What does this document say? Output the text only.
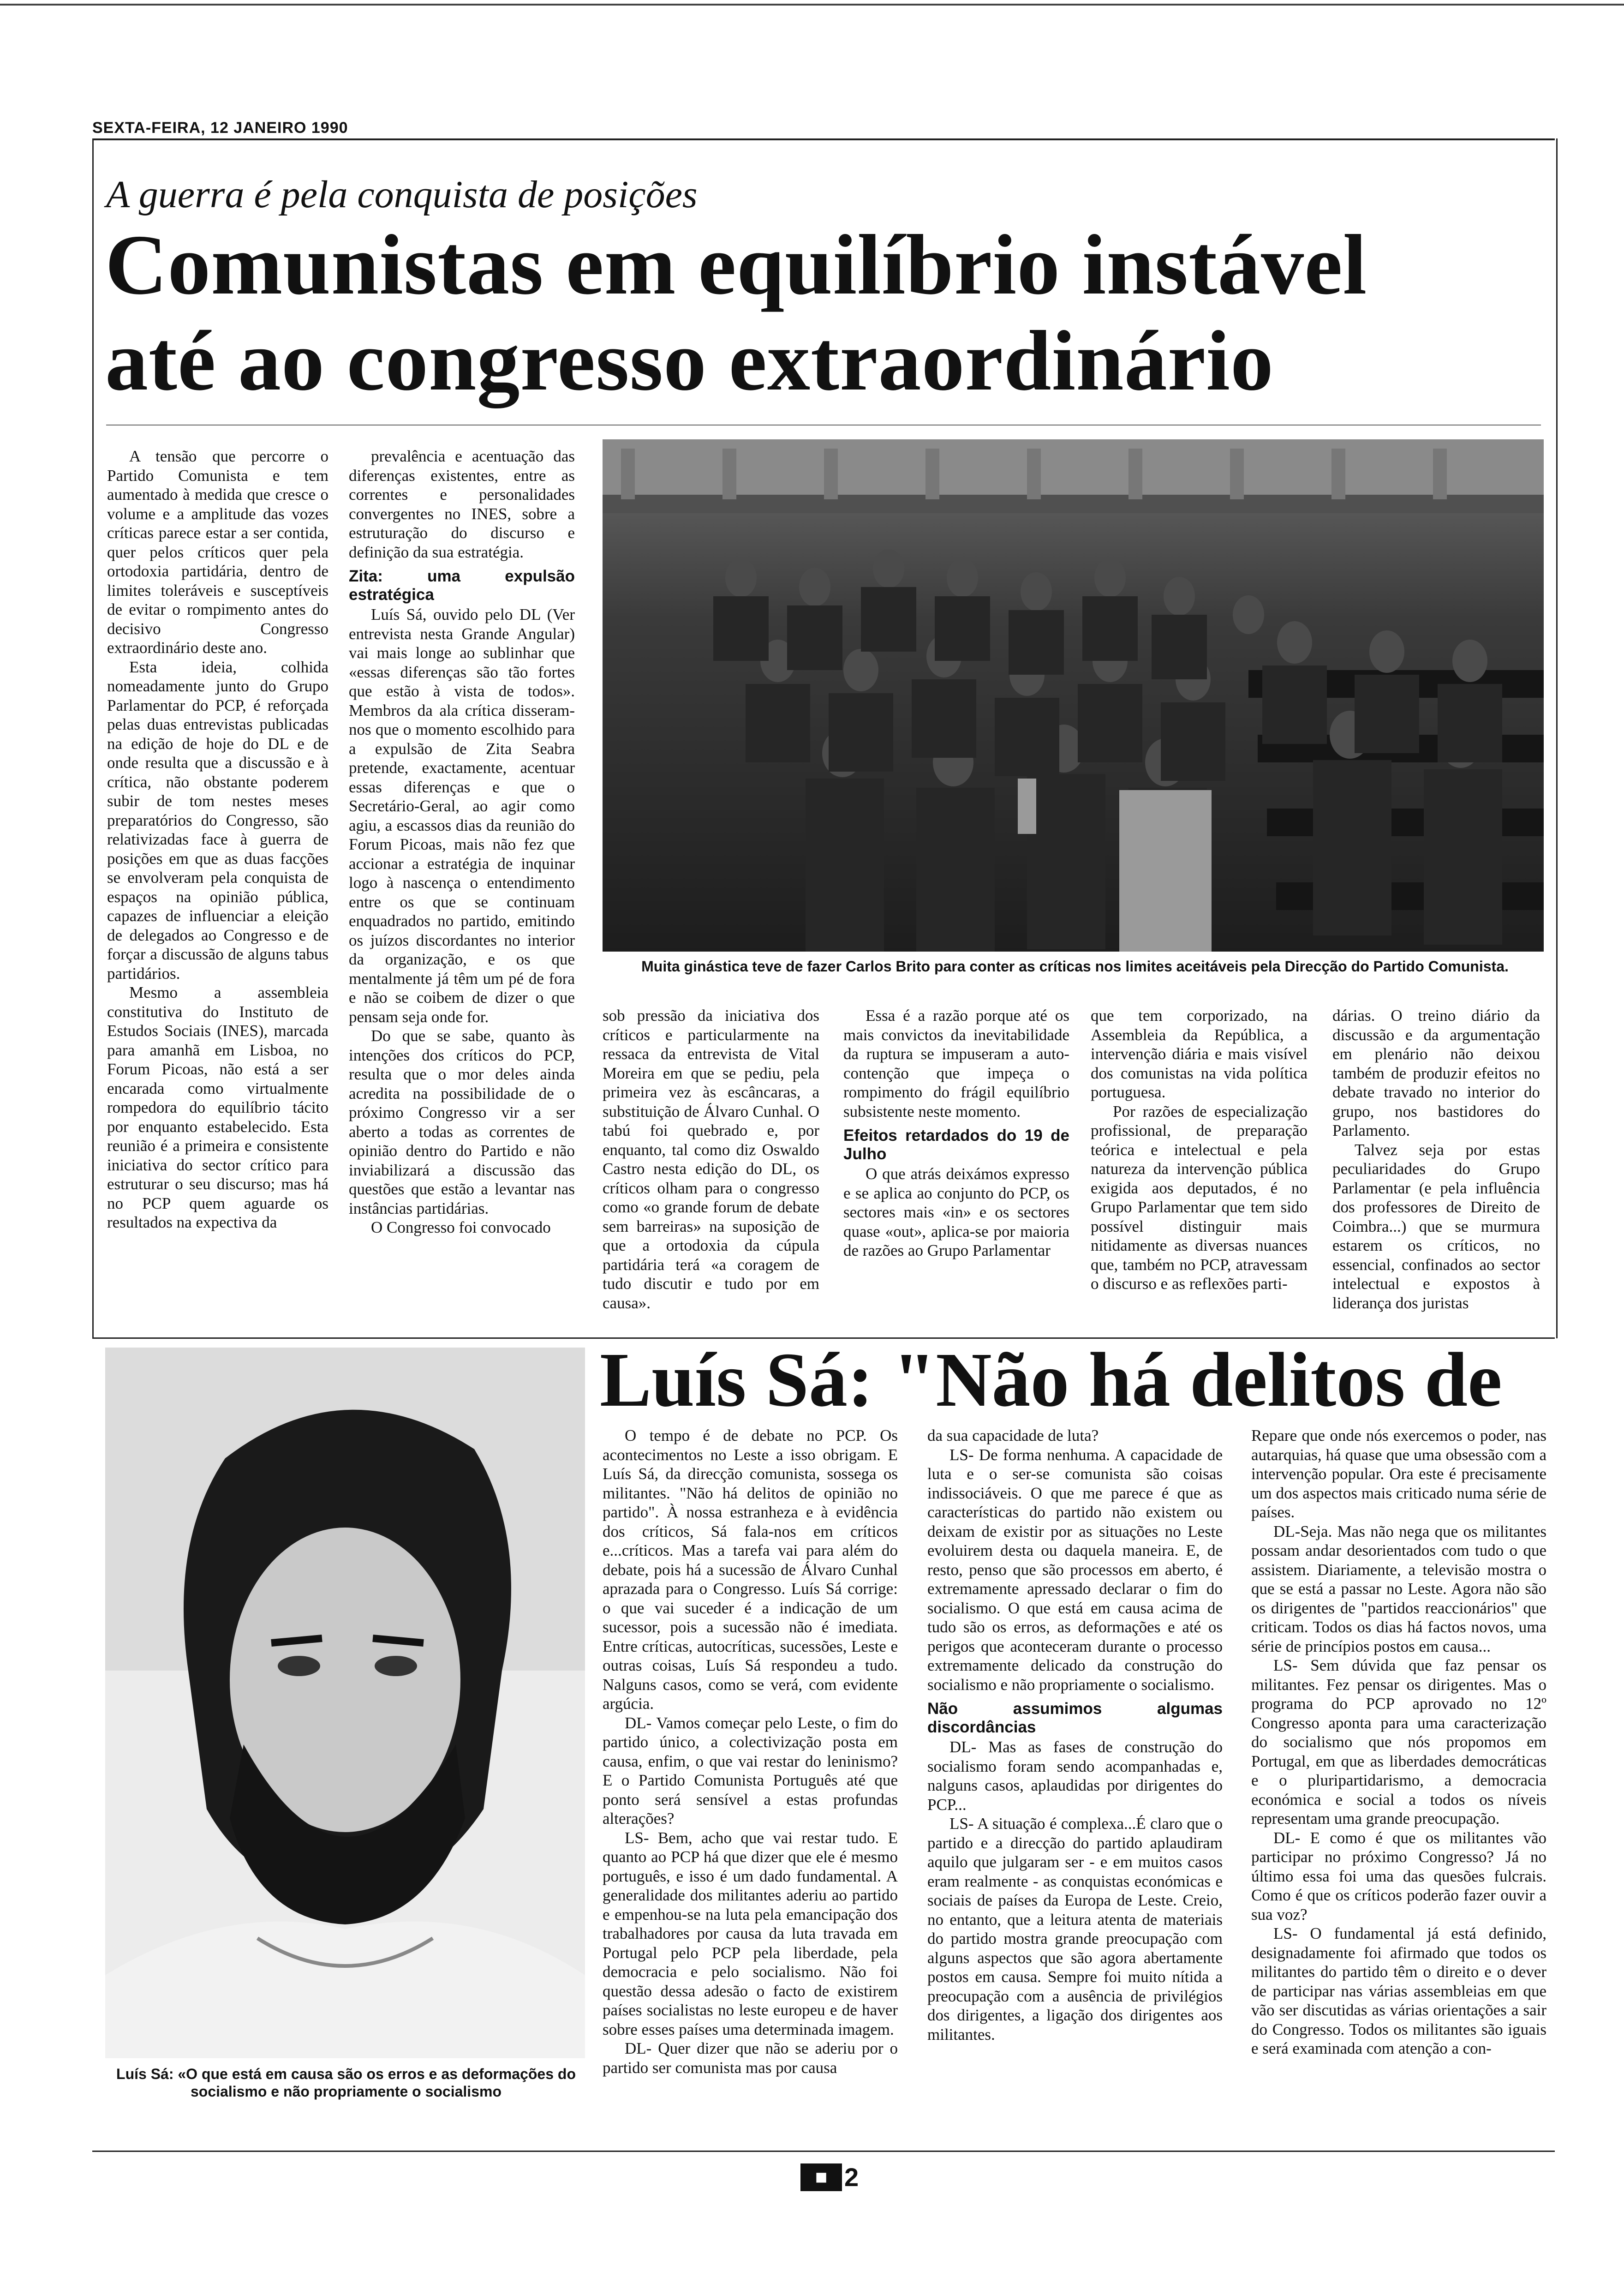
SEXTA-FEIRA, 12 JANEIRO 1990
A guerra é pela conquista de posições
Comunistas em equilíbrio instável
até ao congresso extraordinário

A tensão que percorre o Partido Comunista e tem aumentado à medida que cresce o volume e a amplitude das vozes críticas parece estar a ser contida, quer pelos críticos quer pela ortodoxia partidária, dentro de limites toleráveis e susceptíveis de evitar o rompimento antes do decisivo Congresso extraordinário deste ano.

Esta ideia, colhida nomeadamente junto do Grupo Parlamentar do PCP, é reforçada pelas duas entrevistas publicadas na edição de hoje do DL e de onde resulta que a discussão e à crítica, não obstante poderem subir de tom nestes meses preparatórios do Congresso, são relativizadas face à guerra de posições em que as duas facções se envolveram pela conquista de espaços na opinião pública, capazes de influenciar a eleição de delegados ao Congresso e de forçar a discussão de alguns tabus partidários.

Mesmo a assembleia constitutiva do Instituto de Estudos Sociais (INES), marcada para amanhã em Lisboa, no Forum Picoas, não está a ser encarada como virtualmente rompedora do equilíbrio tácito por enquanto estabelecido. Esta reunião é a primeira e consistente iniciativa do sector crítico para estruturar o seu discurso; mas há no PCP quem aguarde os resultados na expectiva da

prevalência e acentuação das diferenças existentes, entre as correntes e personalidades convergentes no INES, sobre a estruturação do discurso e definição da sua estratégia.

Zita: uma expulsão estratégica

Luís Sá, ouvido pelo DL (Ver entrevista nesta Grande Angular) vai mais longe ao sublinhar que «essas diferenças são tão fortes que estão à vista de todos». Membros da ala crítica disseram-nos que o momento escolhido para a expulsão de Zita Seabra pretende, exactamente, acentuar essas diferenças e que o Secretário-Geral, ao agir como agiu, a escassos dias da reunião do Forum Picoas, mais não fez que accionar a estratégia de inquinar logo à nascença o entendimento entre os que se continuam enquadrados no partido, emitindo os juízos discordantes no interior da organização, e os que mentalmente já têm um pé de fora e não se coibem de dizer o que pensam seja onde for.

Do que se sabe, quanto às intenções dos críticos do PCP, resulta que o mor deles ainda acredita na possibilidade de o próximo Congresso vir a ser aberto a todas as correntes de opinião dentro do Partido e não inviabilizará a discussão das questões que estão a levantar nas instâncias partidárias.

O Congresso foi convocado

Muita ginástica teve de fazer Carlos Brito para conter as críticas nos limites aceitáveis pela Direcção do Partido Comunista.

sob pressão da iniciativa dos críticos e particularmente na ressaca da entrevista de Vital Moreira em que se pediu, pela primeira vez às escâncaras, a substituição de Álvaro Cunhal. O tabú foi quebrado e, por enquanto, tal como diz Oswaldo Castro nesta edição do DL, os críticos olham para o congresso como «o grande forum de debate sem barreiras» na suposição de que a ortodoxia da cúpula partidária terá «a coragem de tudo discutir e tudo por em causa».

Essa é a razão porque até os mais convictos da inevitabilidade da ruptura se impuseram a auto-contenção que impeça o rompimento do frágil equilíbrio subsistente neste momento.

Efeitos retardados do 19 de Julho

O que atrás deixámos expresso e se aplica ao conjunto do PCP, os sectores mais «in» e os sectores quase «out», aplica-se por maioria de razões ao Grupo Parlamentar

que tem corporizado, na Assembleia da República, a intervenção diária e mais visível dos comunistas na vida política portuguesa.

Por razões de especialização profissional, de preparação teórica e intelectual e pela natureza da intervenção pública exigida aos deputados, é no Grupo Parlamentar que tem sido possível distinguir mais nitidamente as diversas nuances que, também no PCP, atravessam o discurso e as reflexões parti-

dárias. O treino diário da discussão e da argumentação em plenário não deixou também de produzir efeitos no debate travado no interior do grupo, nos bastidores do Parlamento.

Talvez seja por estas peculiaridades do Grupo Parlamentar (e pela influência dos professores de Direito de Coimbra...) que se murmura estarem os críticos, no essencial, confinados ao sector intelectual e expostos à liderança dos juristas

Luís Sá: «O que está em causa são os erros e as deformações do socialismo e não propriamente o socialismo
Luís Sá: "Não há delitos de

O tempo é de debate no PCP. Os acontecimentos no Leste a isso obrigam. E Luís Sá, da direcção comunista, sossega os militantes. "Não há delitos de opinião no partido". À nossa estranheza e à evidência dos críticos, Sá fala-nos em críticos e...críticos. Mas a tarefa vai para além do debate, pois há a sucessão de Álvaro Cunhal aprazada para o Congresso. Luís Sá corrige: o que vai suceder é a indicação de um sucessor, pois a sucessão não é imediata. Entre críticas, autocríticas, sucessões, Leste e outras coisas, Luís Sá respondeu a tudo. Nalguns casos, como se verá, com evidente argúcia.

DL- Vamos começar pelo Leste, o fim do partido único, a colectivização posta em causa, enfim, o que vai restar do leninismo? E o Partido Comunista Português até que ponto será sensível a estas profundas alterações?

LS- Bem, acho que vai restar tudo. E quanto ao PCP há que dizer que ele é mesmo português, e isso é um dado fundamental. A generalidade dos militantes aderiu ao partido e empenhou-se na luta pela emancipação dos trabalhadores por causa da luta travada em Portugal pelo PCP pela liberdade, pela democracia e pelo socialismo. Não foi questão dessa adesão o facto de existirem países socialistas no leste europeu e de haver sobre esses países uma determinada imagem.

DL- Quer dizer que não se aderiu por o partido ser comunista mas por causa

da sua capacidade de luta?

LS- De forma nenhuma. A capacidade de luta e o ser-se comunista são coisas indissociáveis. O que me parece é que as características do partido não existem ou deixam de existir por as situações no Leste evoluirem desta ou daquela maneira. E, de resto, penso que são processos em aberto, é extremamente apressado declarar o fim do socialismo. O que está em causa acima de tudo são os erros, as deformações e até os perigos que aconteceram durante o processo extremamente delicado da construção do socialismo e não propriamente o socialismo.

Não assumimos algumas discordâncias

DL- Mas as fases de construção do socialismo foram sendo acompanhadas e, nalguns casos, aplaudidas por dirigentes do PCP...

LS- A situação é complexa...É claro que o partido e a direcção do partido aplaudiram aquilo que julgaram ser - e em muitos casos eram realmente - as conquistas económicas e sociais de países da Europa de Leste. Creio, no entanto, que a leitura atenta de materiais do partido mostra grande preocupação com alguns aspectos que são agora abertamente postos em causa. Sempre foi muito nítida a preocupação com a ausência de privilégios dos dirigentes, a ligação dos dirigentes aos militantes.

Repare que onde nós exercemos o poder, nas autarquias, há quase que uma obsessão com a intervenção popular. Ora este é precisamente um dos aspectos mais criticado numa série de países.

DL-Seja. Mas não nega que os militantes possam andar desorientados com tudo o que assistem. Diariamente, a televisão mostra o que se está a passar no Leste. Agora não são os dirigentes de "partidos reaccionários" que criticam. Todos os dias há factos novos, uma série de princípios postos em causa...

LS- Sem dúvida que faz pensar os militantes. Fez pensar os dirigentes. Mas o programa do PCP aprovado no 12º Congresso aponta para uma caracterização do socialismo que nós propomos em Portugal, em que as liberdades democráticas e o pluripartidarismo, a democracia económica e social a todos os níveis representam uma grande preocupação.

DL- E como é que os militantes vão participar no próximo Congresso? Já no último essa foi uma das quesões fulcrais. Como é que os críticos poderão fazer ouvir a sua voz?

LS- O fundamental já está definido, designadamente foi afirmado que todos os militantes do partido têm o direito e o dever de participar nas várias assembleias em que vão ser discutidas as várias orientações a sair do Congresso. Todos os militantes são iguais e será examinada com atenção a con-

■ 2
